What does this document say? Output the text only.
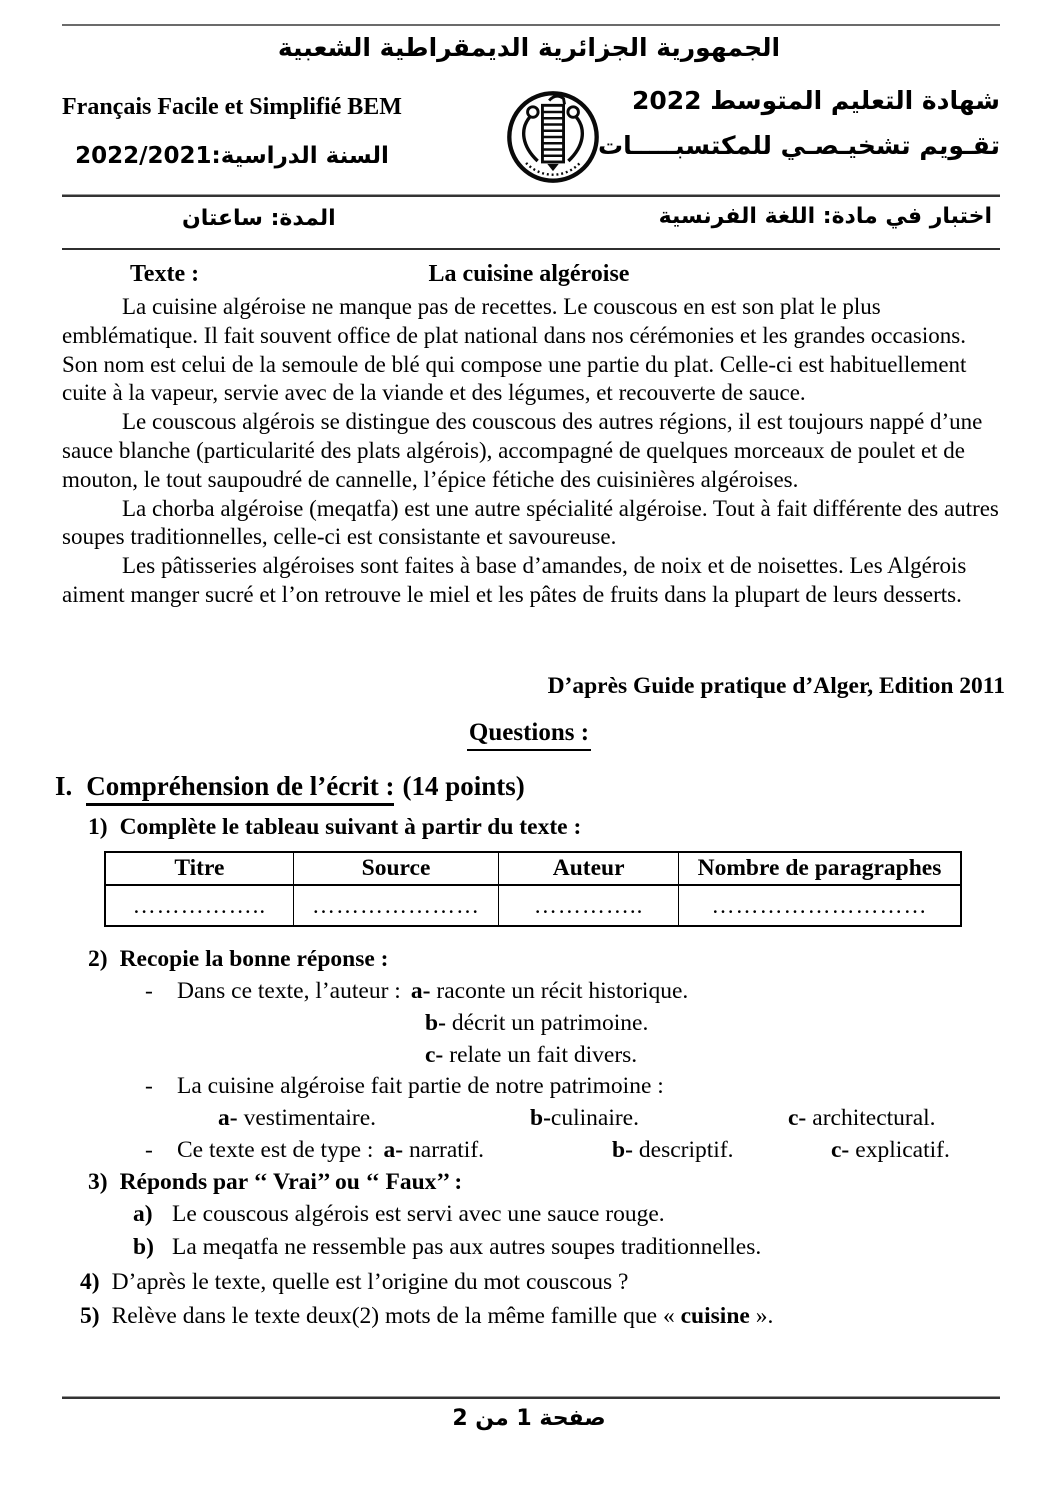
الجمهورية الجزائرية الديمقراطية الشعبية
Français Facile et Simplifié BEM
السنة الدراسية:2022/2021
شهادة التعليم المتوسط 2022
تقـويم تشخيـصـي للمكتسبـــــات
المدة: ساعتان	اختبار في مادة: اللغة الفرنسية
Texte :	La cuisine algéroise

La cuisine algéroise ne manque pas de recettes. Le couscous en est son plat le plus emblématique. Il fait souvent office de plat national dans nos cérémonies et les grandes occasions. Son nom est celui de la semoule de blé qui compose une partie du plat. Celle-ci est habituellement cuite à la vapeur, servie avec de la viande et des légumes, et recouverte de sauce.

Le couscous algérois se distingue des couscous des autres régions, il est toujours nappé d’une sauce blanche (particularité des plats algérois), accompagné de quelques morceaux de poulet et de mouton, le tout saupoudré de cannelle, l’épice fétiche des cuisinières algéroises.

La chorba algéroise (meqatfa) est une autre spécialité algéroise. Tout à fait différente des autres soupes traditionnelles, celle-ci est consistante et savoureuse.

Les pâtisseries algéroises sont faites à base d’amandes, de noix et de noisettes. Les Algérois aiment manger sucré et l’on retrouve le miel et les pâtes de fruits dans la plupart de leurs desserts.

D’après Guide pratique d’Alger, Edition 2011
Questions :
I. Compréhension de l’écrit : (14 points)
1) Complète le tableau suivant à partir du texte :
Titre	Source	Auteur	Nombre de paragraphes
……………..	…………………	…………..	………………………
2) Recopie la bonne réponse :
- Dans ce texte, l’auteur : a- raconte un récit historique.
b- décrit un patrimoine.
c- relate un fait divers.
- La cuisine algéroise fait partie de notre patrimoine :
a- vestimentaire.	b-culinaire.	c- architectural.
- Ce texte est de type : a- narratif.	b- descriptif.	c- explicatif.
3) Réponds par ‘‘ Vrai’’ ou ‘‘ Faux’’ :
a) Le couscous algérois est servi avec une sauce rouge.
b) La meqatfa ne ressemble pas aux autres soupes traditionnelles.
4) D’après le texte, quelle est l’origine du mot couscous ?
5) Relève dans le texte deux(2) mots de la même famille que « cuisine ».
صفحة 1 من 2
